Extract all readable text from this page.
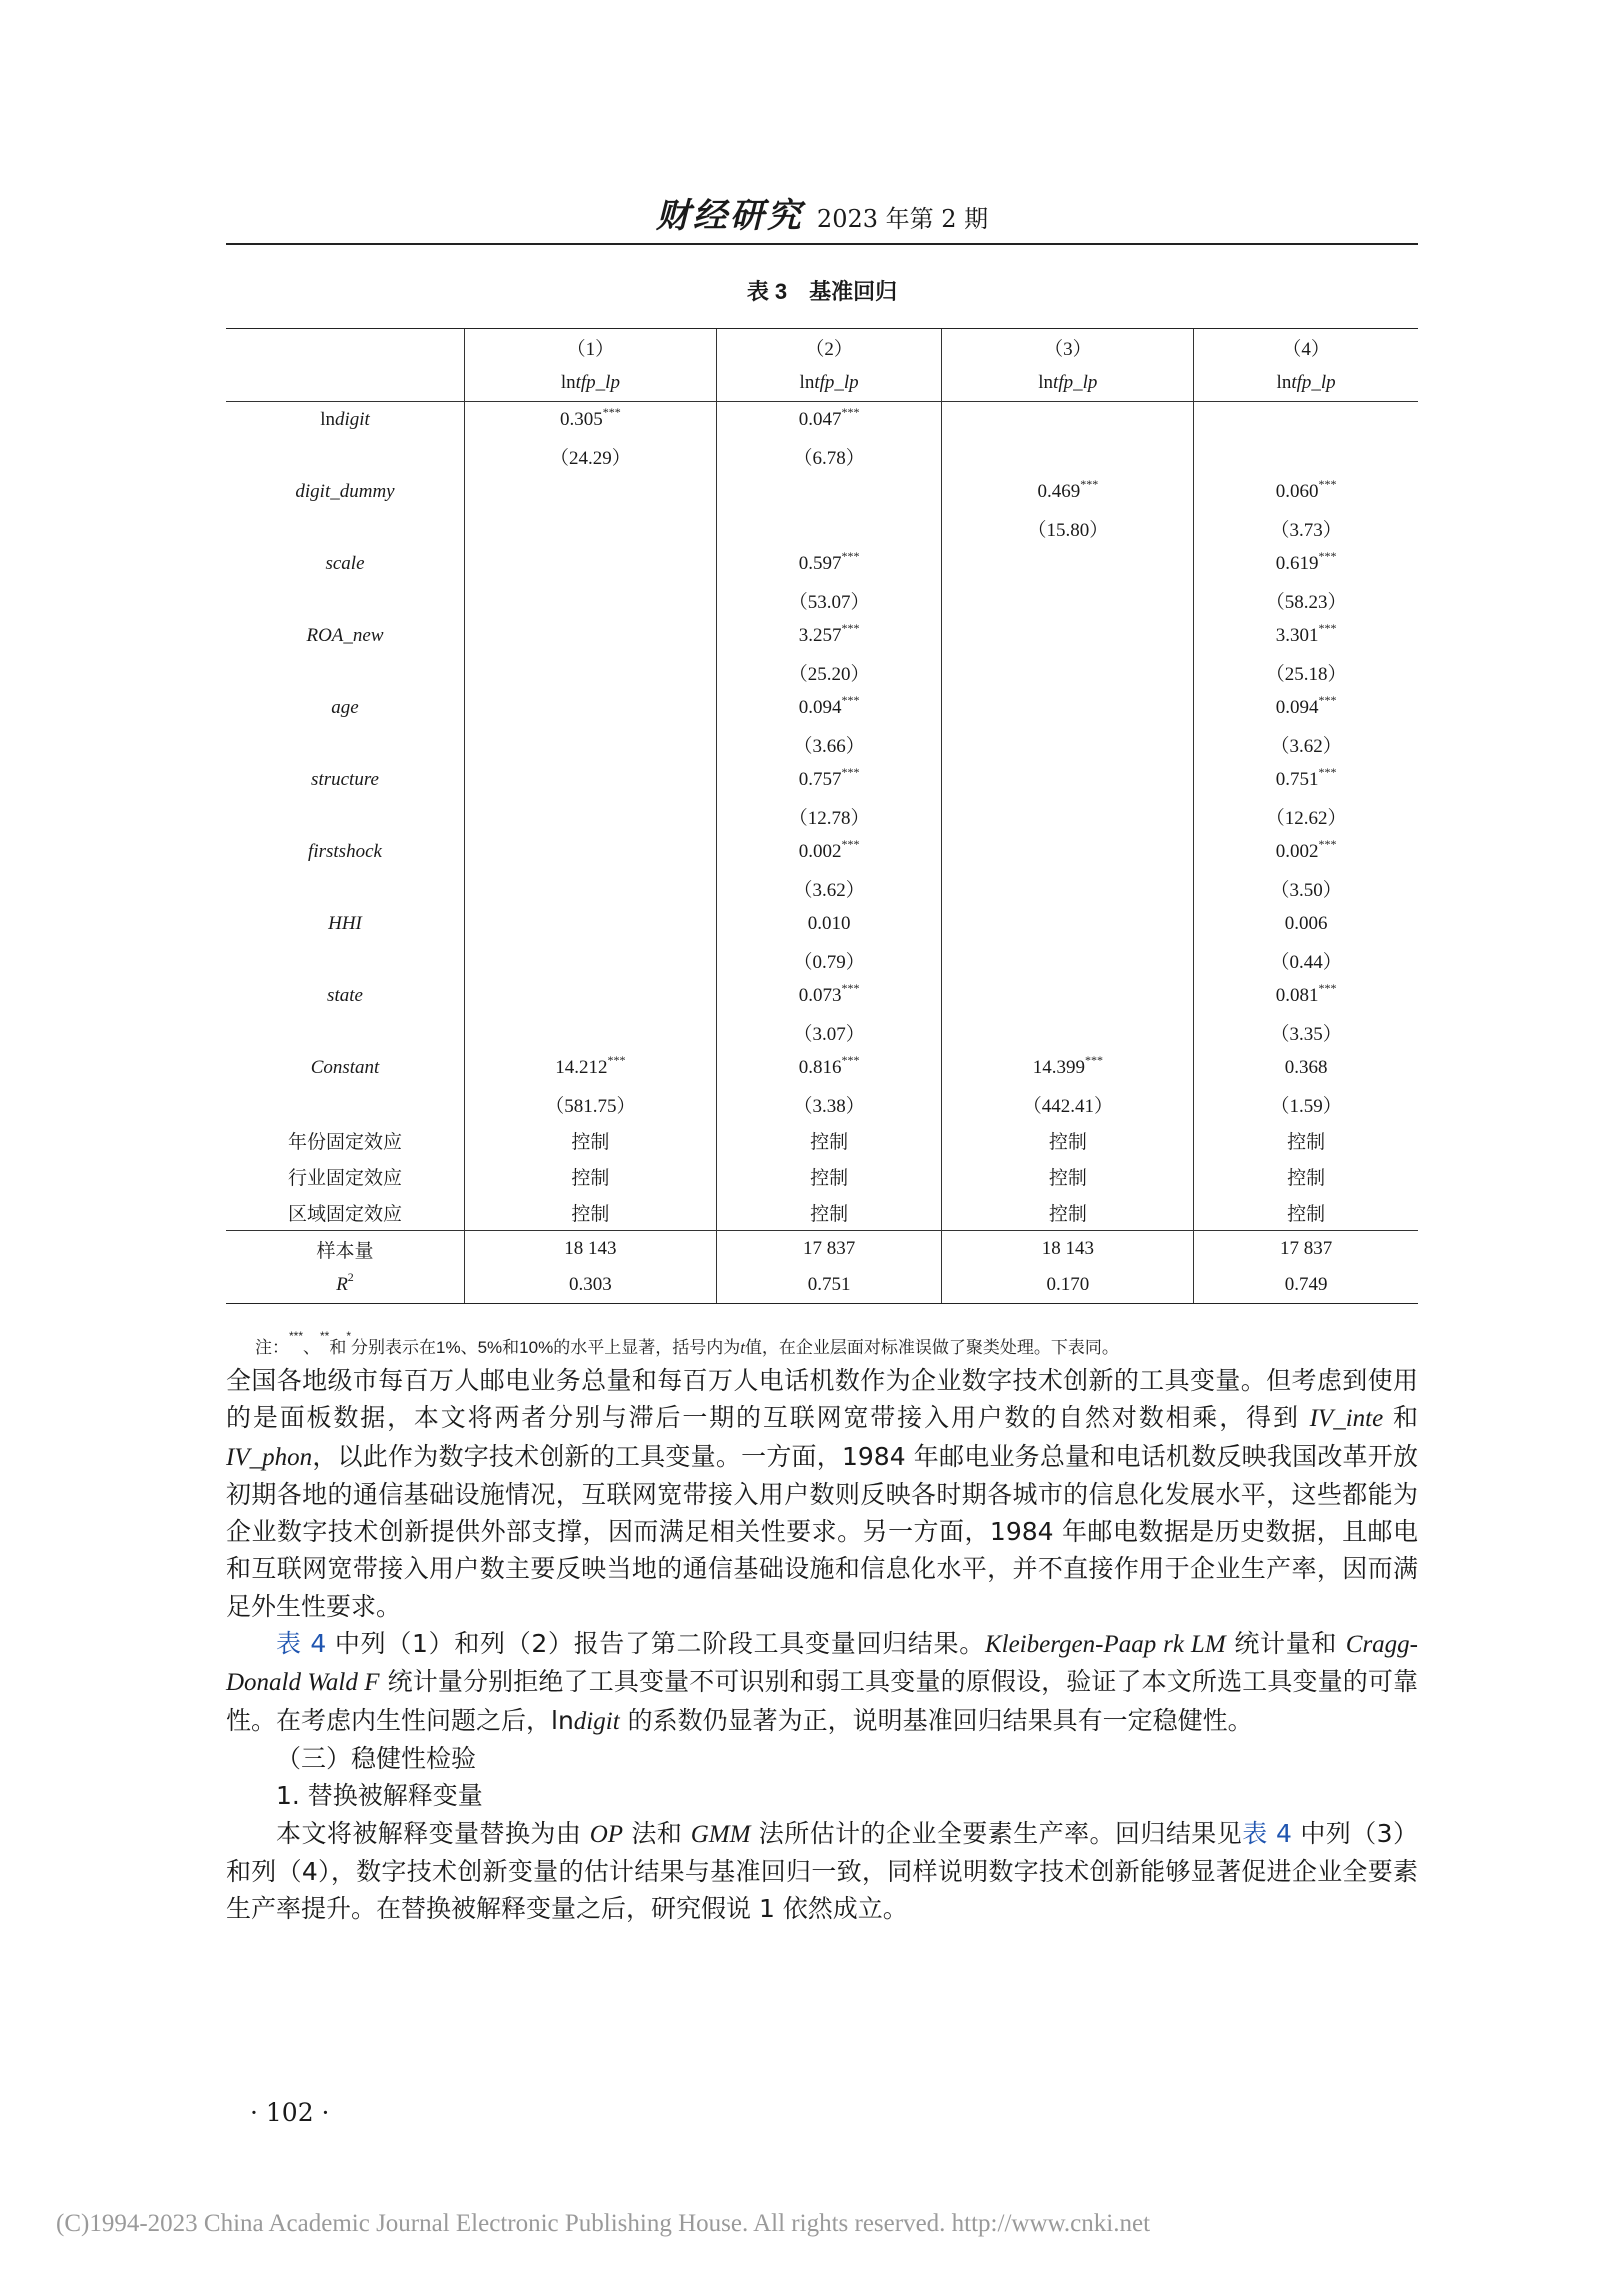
财经研究 2023 年第 2 期
表 3　基准回归
	（1）	（2）	（3）	（4）
	lntfp_lp	lntfp_lp	lntfp_lp	lntfp_lp
lndigit	0.305***	0.047***		
	（24.29）	（6.78）		
digit_dummy			0.469***	0.060***
			（15.80）	（3.73）
scale		0.597***		0.619***
		（53.07）		（58.23）
ROA_new		3.257***		3.301***
		（25.20）		（25.18）
age		0.094***		0.094***
		（3.66）		（3.62）
structure		0.757***		0.751***
		（12.78）		（12.62）
firstshock		0.002***		0.002***
		（3.62）		（3.50）
HHI		0.010		0.006
		（0.79）		（0.44）
state		0.073***		0.081***
		（3.07）		（3.35）
Constant	14.212***	0.816***	14.399***	0.368
	（581.75）	（3.38）	（442.41）	（1.59）
年份固定效应	控制	控制	控制	控制
行业固定效应	控制	控制	控制	控制
区域固定效应	控制	控制	控制	控制
样本量	18 143	17 837	18 143	17 837
$R^2$	0.303	0.751	0.170	0.749
注：***、**和*分别表示在1%、5%和10%的水平上显著，括号内为t值，在企业层面对标准误做了聚类处理。下表同。

全国各地级市每百万人邮电业务总量和每百万人电话机数作为企业数字技术创新的工具变量。但考虑到使用的是面板数据，本文将两者分别与滞后一期的互联网宽带接入用户数的自然对数相乘，得到 IV_inte 和 IV_phon，以此作为数字技术创新的工具变量。一方面，1984 年邮电业务总量和电话机数反映我国改革开放初期各地的通信基础设施情况，互联网宽带接入用户数则反映各时期各城市的信息化发展水平，这些都能为企业数字技术创新提供外部支撑，因而满足相关性要求。另一方面，1984 年邮电数据是历史数据，且邮电和互联网宽带接入用户数主要反映当地的通信基础设施和信息化水平，并不直接作用于企业生产率，因而满足外生性要求。

表 4 中列（1）和列（2）报告了第二阶段工具变量回归结果。Kleibergen-Paap rk LM 统计量和 Cragg-Donald Wald F 统计量分别拒绝了工具变量不可识别和弱工具变量的原假设，验证了本文所选工具变量的可靠性。在考虑内生性问题之后，lndigit 的系数仍显著为正，说明基准回归结果具有一定稳健性。

（三）稳健性检验

1. 替换被解释变量

本文将被解释变量替换为由 OP 法和 GMM 法所估计的企业全要素生产率。回归结果见表 4 中列（3）和列（4），数字技术创新变量的估计结果与基准回归一致，同样说明数字技术创新能够显著促进企业全要素生产率提升。在替换被解释变量之后，研究假说 1 依然成立。

· 102 ·
(C)1994-2023 China Academic Journal Electronic Publishing House. All rights reserved. http://www.cnki.net
